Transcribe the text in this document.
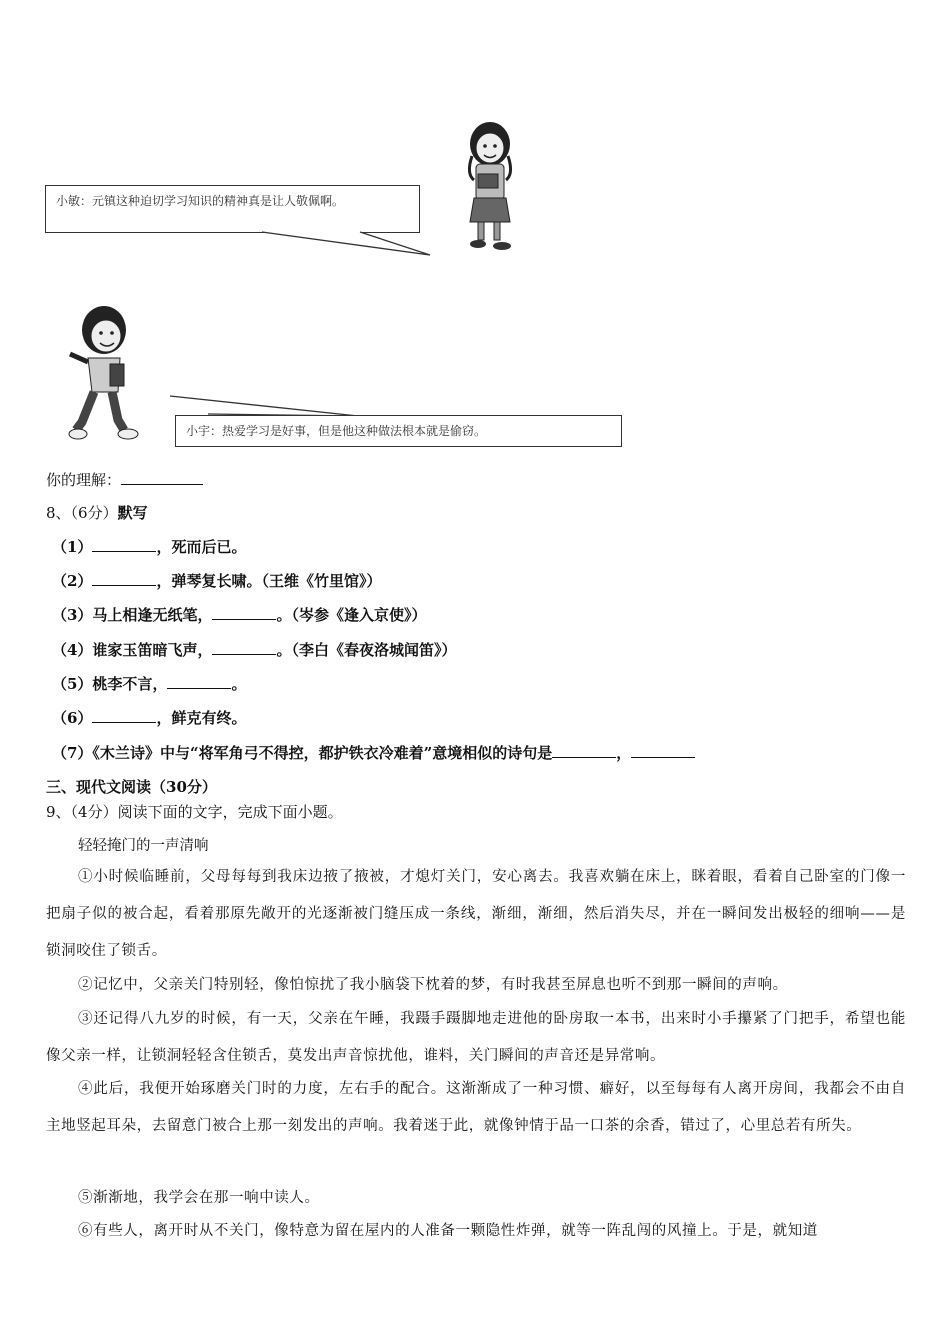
小敏：元镇这种迫切学习知识的精神真是让人敬佩啊。
小宇：热爱学习是好事，但是他这种做法根本就是偷窃。
你的理解：
8、（6分）默写
（1）	，死而后已。
（2）	，弹琴复长啸。（王维《竹里馆》）
（3）马上相逢无纸笔，	。（岑参《逢入京使》）
（4）谁家玉笛暗飞声，	。（李白《春夜洛城闻笛》）
（5）桃李不言，	。
（6）	，鲜克有终。
（7）《木兰诗》中与“将军角弓不得控，都护铁衣冷难着”意境相似的诗句是	，
三、现代文阅读（30分）
9、（4分）阅读下面的文字，完成下面小题。
轻轻掩门的一声清响
①小时候临睡前，父母每每到我床边掖了掖被，才熄灯关门，安心离去。我喜欢躺在床上，眯着眼，看着自己卧室的门像一把扇子似的被合起，看着那原先敞开的光逐渐被门缝压成一条线，渐细，渐细，然后消失尽，并在一瞬间发出极轻的细响——是锁洞咬住了锁舌。
②记忆中，父亲关门特别轻，像怕惊扰了我小脑袋下枕着的梦，有时我甚至屏息也听不到那一瞬间的声响。
③还记得八九岁的时候，有一天，父亲在午睡，我蹑手蹑脚地走进他的卧房取一本书，出来时小手攥紧了门把手，希望也能像父亲一样，让锁洞轻轻含住锁舌，莫发出声音惊扰他，谁料，关门瞬间的声音还是异常响。
④此后，我便开始琢磨关门时的力度，左右手的配合。这渐渐成了一种习惯、癖好，以至每每有人离开房间，我都会不由自主地竖起耳朵，去留意门被合上那一刻发出的声响。我着迷于此，就像钟情于品一口茶的余香，错过了，心里总若有所失。
⑤渐渐地，我学会在那一响中读人。
⑥有些人，离开时从不关门，像特意为留在屋内的人准备一颗隐性炸弹，就等一阵乱闯的风撞上。于是，就知道
